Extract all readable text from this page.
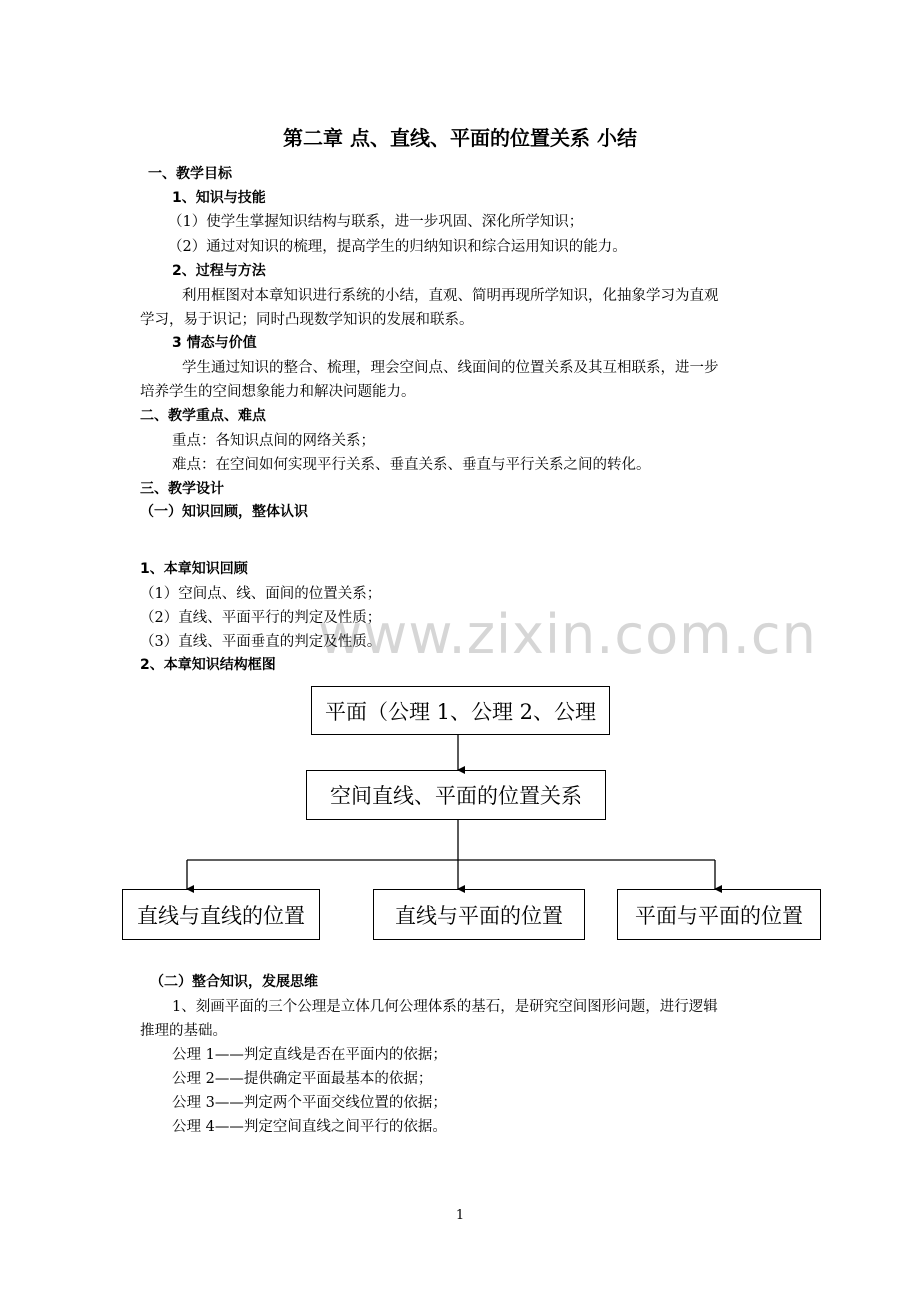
www.zixin.com.cn
第二章 点、直线、平面的位置关系 小结
一、教学目标
1、知识与技能
（1）使学生掌握知识结构与联系，进一步巩固、深化所学知识；
（2）通过对知识的梳理，提高学生的归纳知识和综合运用知识的能力。
2、过程与方法
利用框图对本章知识进行系统的小结，直观、简明再现所学知识，化抽象学习为直观
学习，易于识记；同时凸现数学知识的发展和联系。
3 情态与价值
学生通过知识的整合、梳理，理会空间点、线面间的位置关系及其互相联系，进一步
培养学生的空间想象能力和解决问题能力。
二、教学重点、难点
重点：各知识点间的网络关系；
难点：在空间如何实现平行关系、垂直关系、垂直与平行关系之间的转化。
三、教学设计
（一）知识回顾，整体认识
1、本章知识回顾
（1）空间点、线、面间的位置关系；
（2）直线、平面平行的判定及性质；
（3）直线、平面垂直的判定及性质。
2、本章知识结构框图
平面（公理 1、公理 2、公理
空间直线、平面的位置关系
直线与直线的位置	直线与平面的位置	平面与平面的位置
（二）整合知识，发展思维
1、刻画平面的三个公理是立体几何公理体系的基石，是研究空间图形问题，进行逻辑
推理的基础。
公理 1——判定直线是否在平面内的依据；
公理 2——提供确定平面最基本的依据；
公理 3——判定两个平面交线位置的依据；
公理 4——判定空间直线之间平行的依据。
1
